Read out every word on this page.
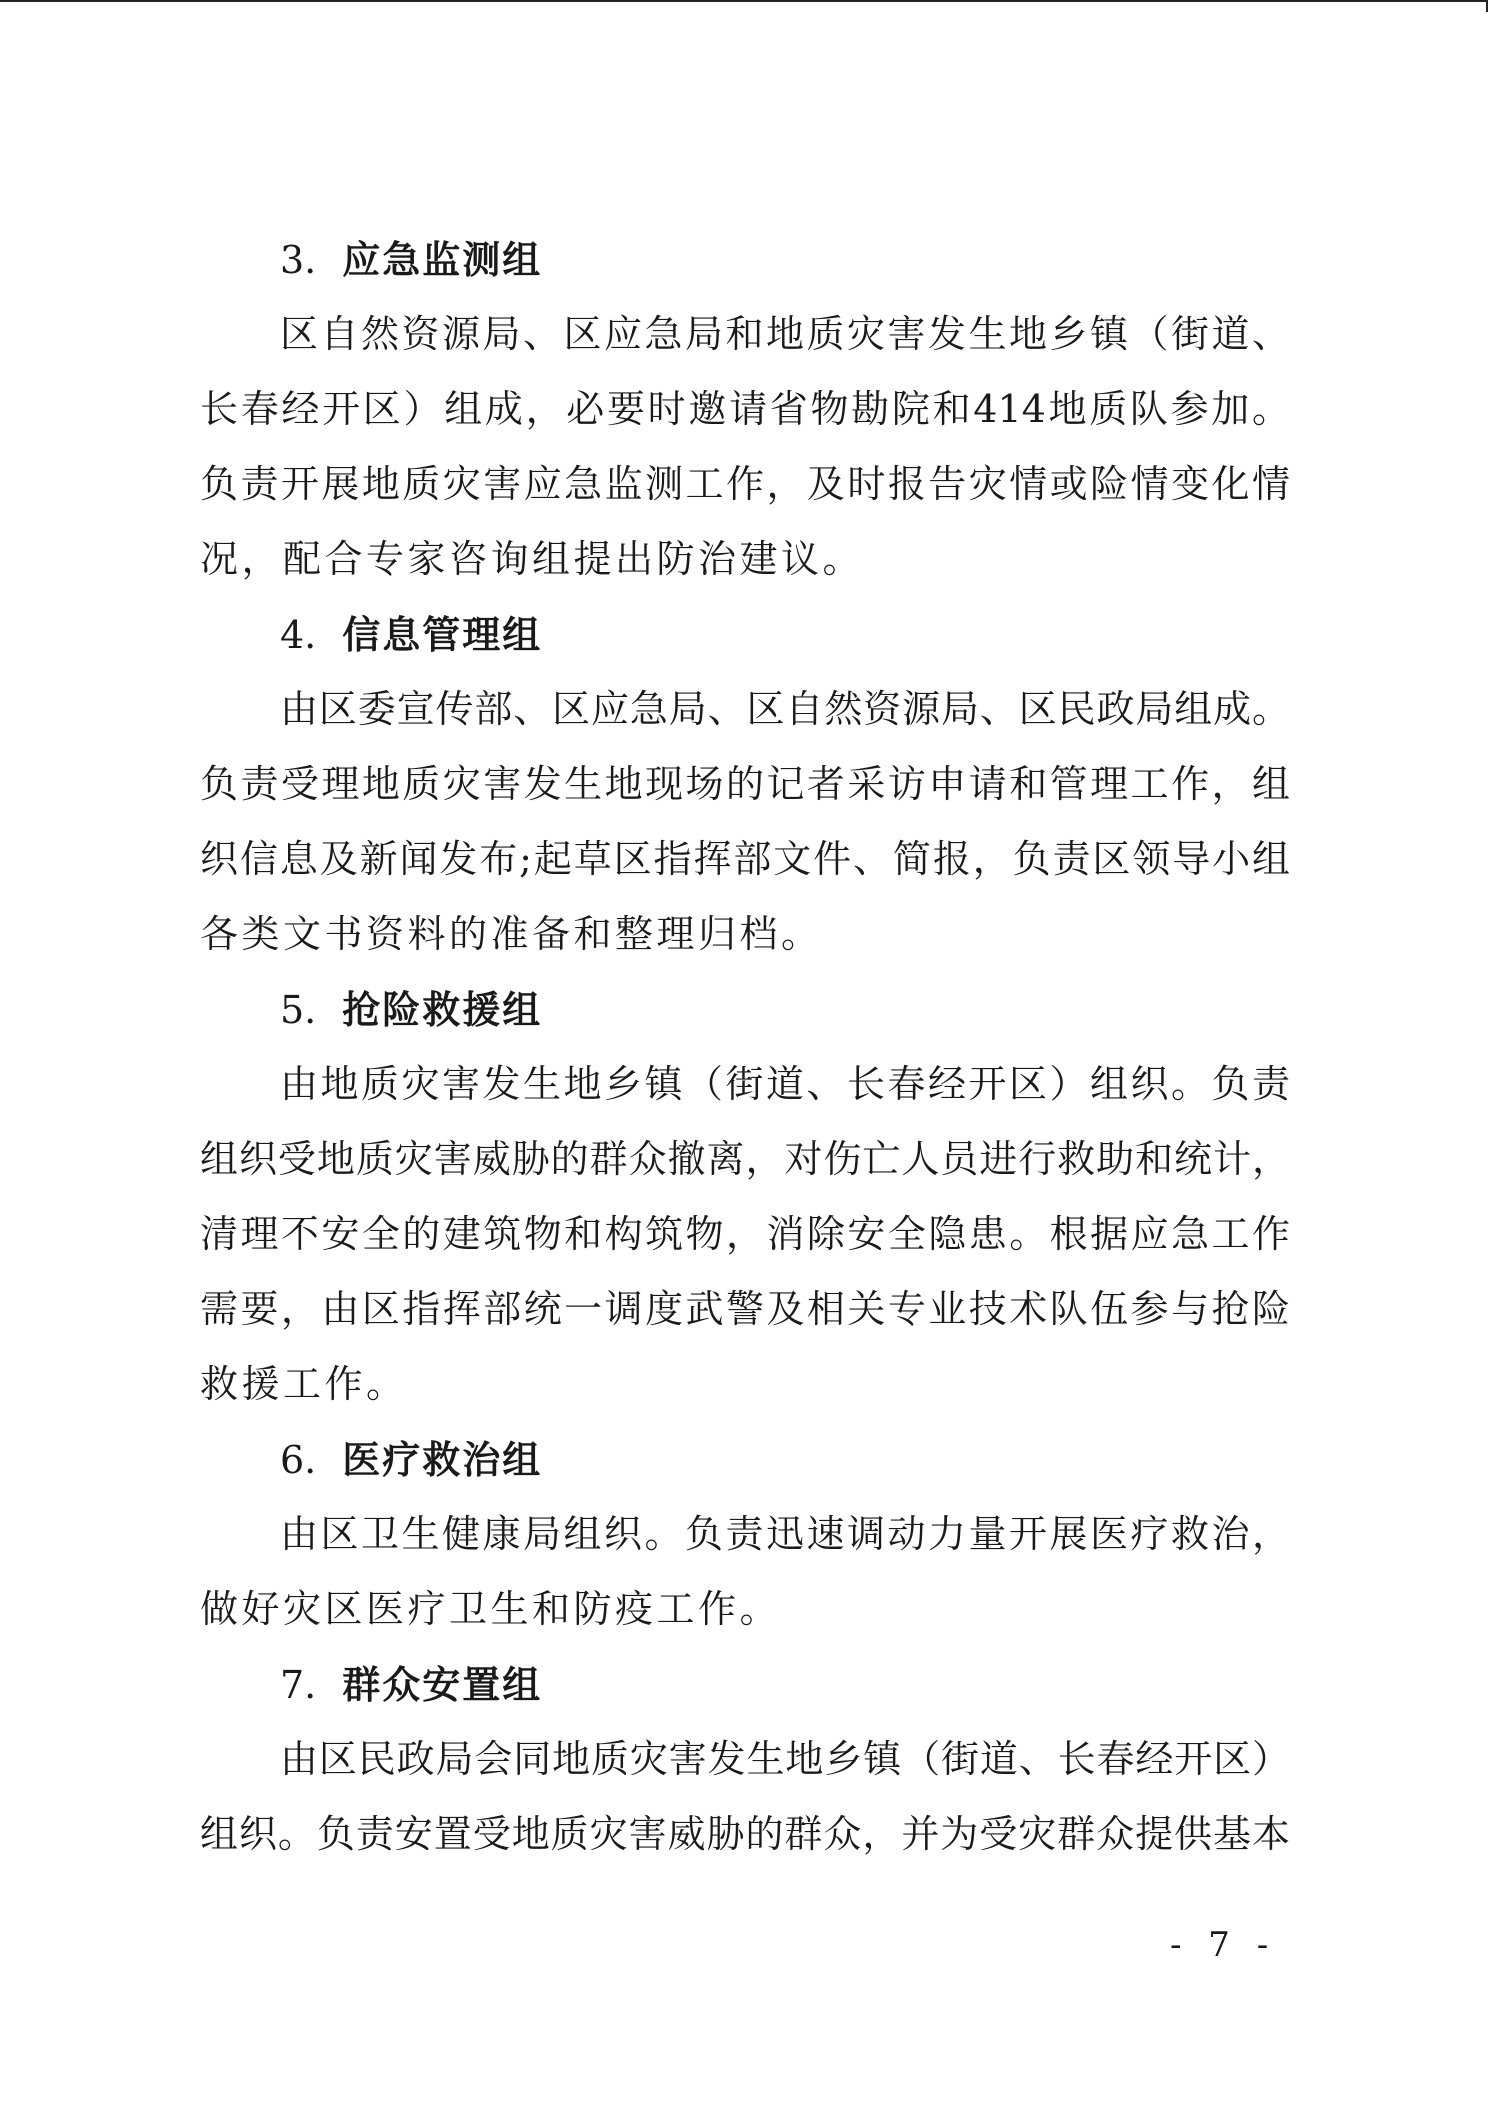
3. 应急监测组
区自然资源局、区应急局和地质灾害发生地乡镇（街道、
长春经开区）组成，必要时邀请省物勘院和414地质队参加。
负责开展地质灾害应急监测工作，及时报告灾情或险情变化情
况，配合专家咨询组提出防治建议。
4. 信息管理组
由区委宣传部、区应急局、区自然资源局、区民政局组成。
负责受理地质灾害发生地现场的记者采访申请和管理工作，组
织信息及新闻发布;起草区指挥部文件、简报，负责区领导小组
各类文书资料的准备和整理归档。
5. 抢险救援组
由地质灾害发生地乡镇（街道、长春经开区）组织。负责
组织受地质灾害威胁的群众撤离，对伤亡人员进行救助和统计，
清理不安全的建筑物和构筑物，消除安全隐患。根据应急工作
需要，由区指挥部统一调度武警及相关专业技术队伍参与抢险
救援工作。
6. 医疗救治组
由区卫生健康局组织。负责迅速调动力量开展医疗救治，
做好灾区医疗卫生和防疫工作。
7. 群众安置组
由区民政局会同地质灾害发生地乡镇（街道、长春经开区）
组织。负责安置受地质灾害威胁的群众，并为受灾群众提供基本
- 7 -
